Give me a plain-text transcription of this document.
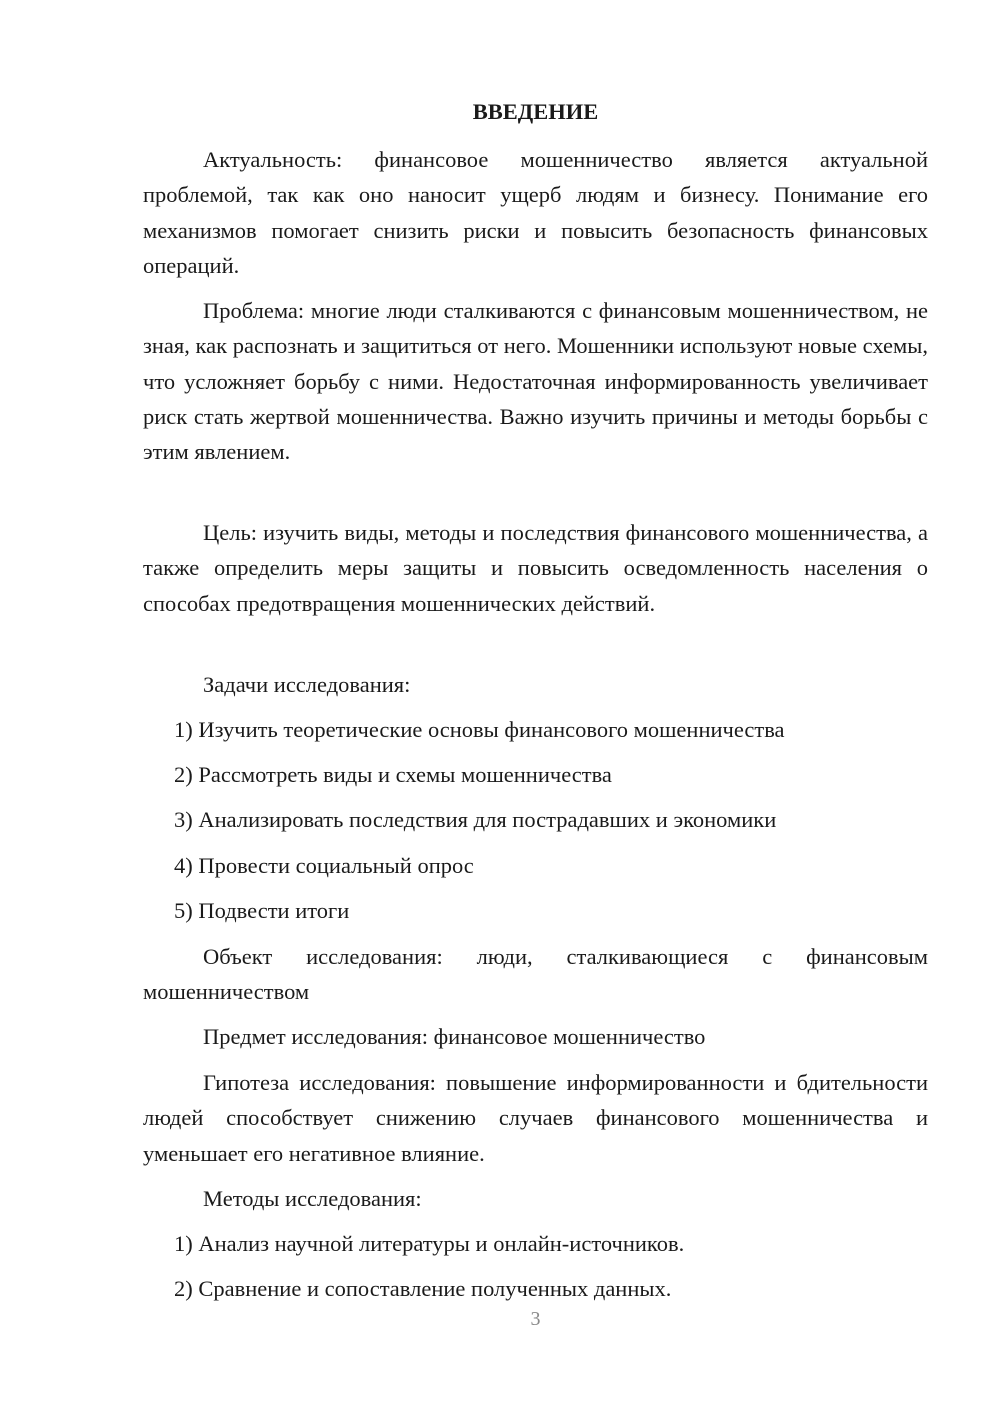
ВВЕДЕНИЕ

Актуальность: финансовое мошенничество является актуальной проблемой, так как оно наносит ущерб людям и бизнесу. Понимание его механизмов помогает снизить риски и повысить безопасность финансовых операций.

Проблема: многие люди сталкиваются с финансовым мошенничеством, не зная, как распознать и защититься от него. Мошенники используют новые схемы, что усложняет борьбу с ними. Недостаточная информированность увеличивает риск стать жертвой мошенничества. Важно изучить причины и методы борьбы с этим явлением.

Цель: изучить виды, методы и последствия финансового мошенничества, а также определить меры защиты и повысить осведомленность населения о способах предотвращения мошеннических действий.

Задачи исследования:

1) Изучить теоретические основы финансового мошенничества

2) Рассмотреть виды и схемы мошенничества

3) Анализировать последствия для пострадавших и экономики

4) Провести социальный опрос

5) Подвести итоги

Объект исследования: люди, сталкивающиеся с финансовым мошенничеством

Предмет исследования: финансовое мошенничество

Гипотеза исследования: повышение информированности и бдительности людей способствует снижению случаев финансового мошенничества и уменьшает его негативное влияние.

Методы исследования:

1) Анализ научной литературы и онлайн-источников.

2) Сравнение и сопоставление полученных данных.

3
